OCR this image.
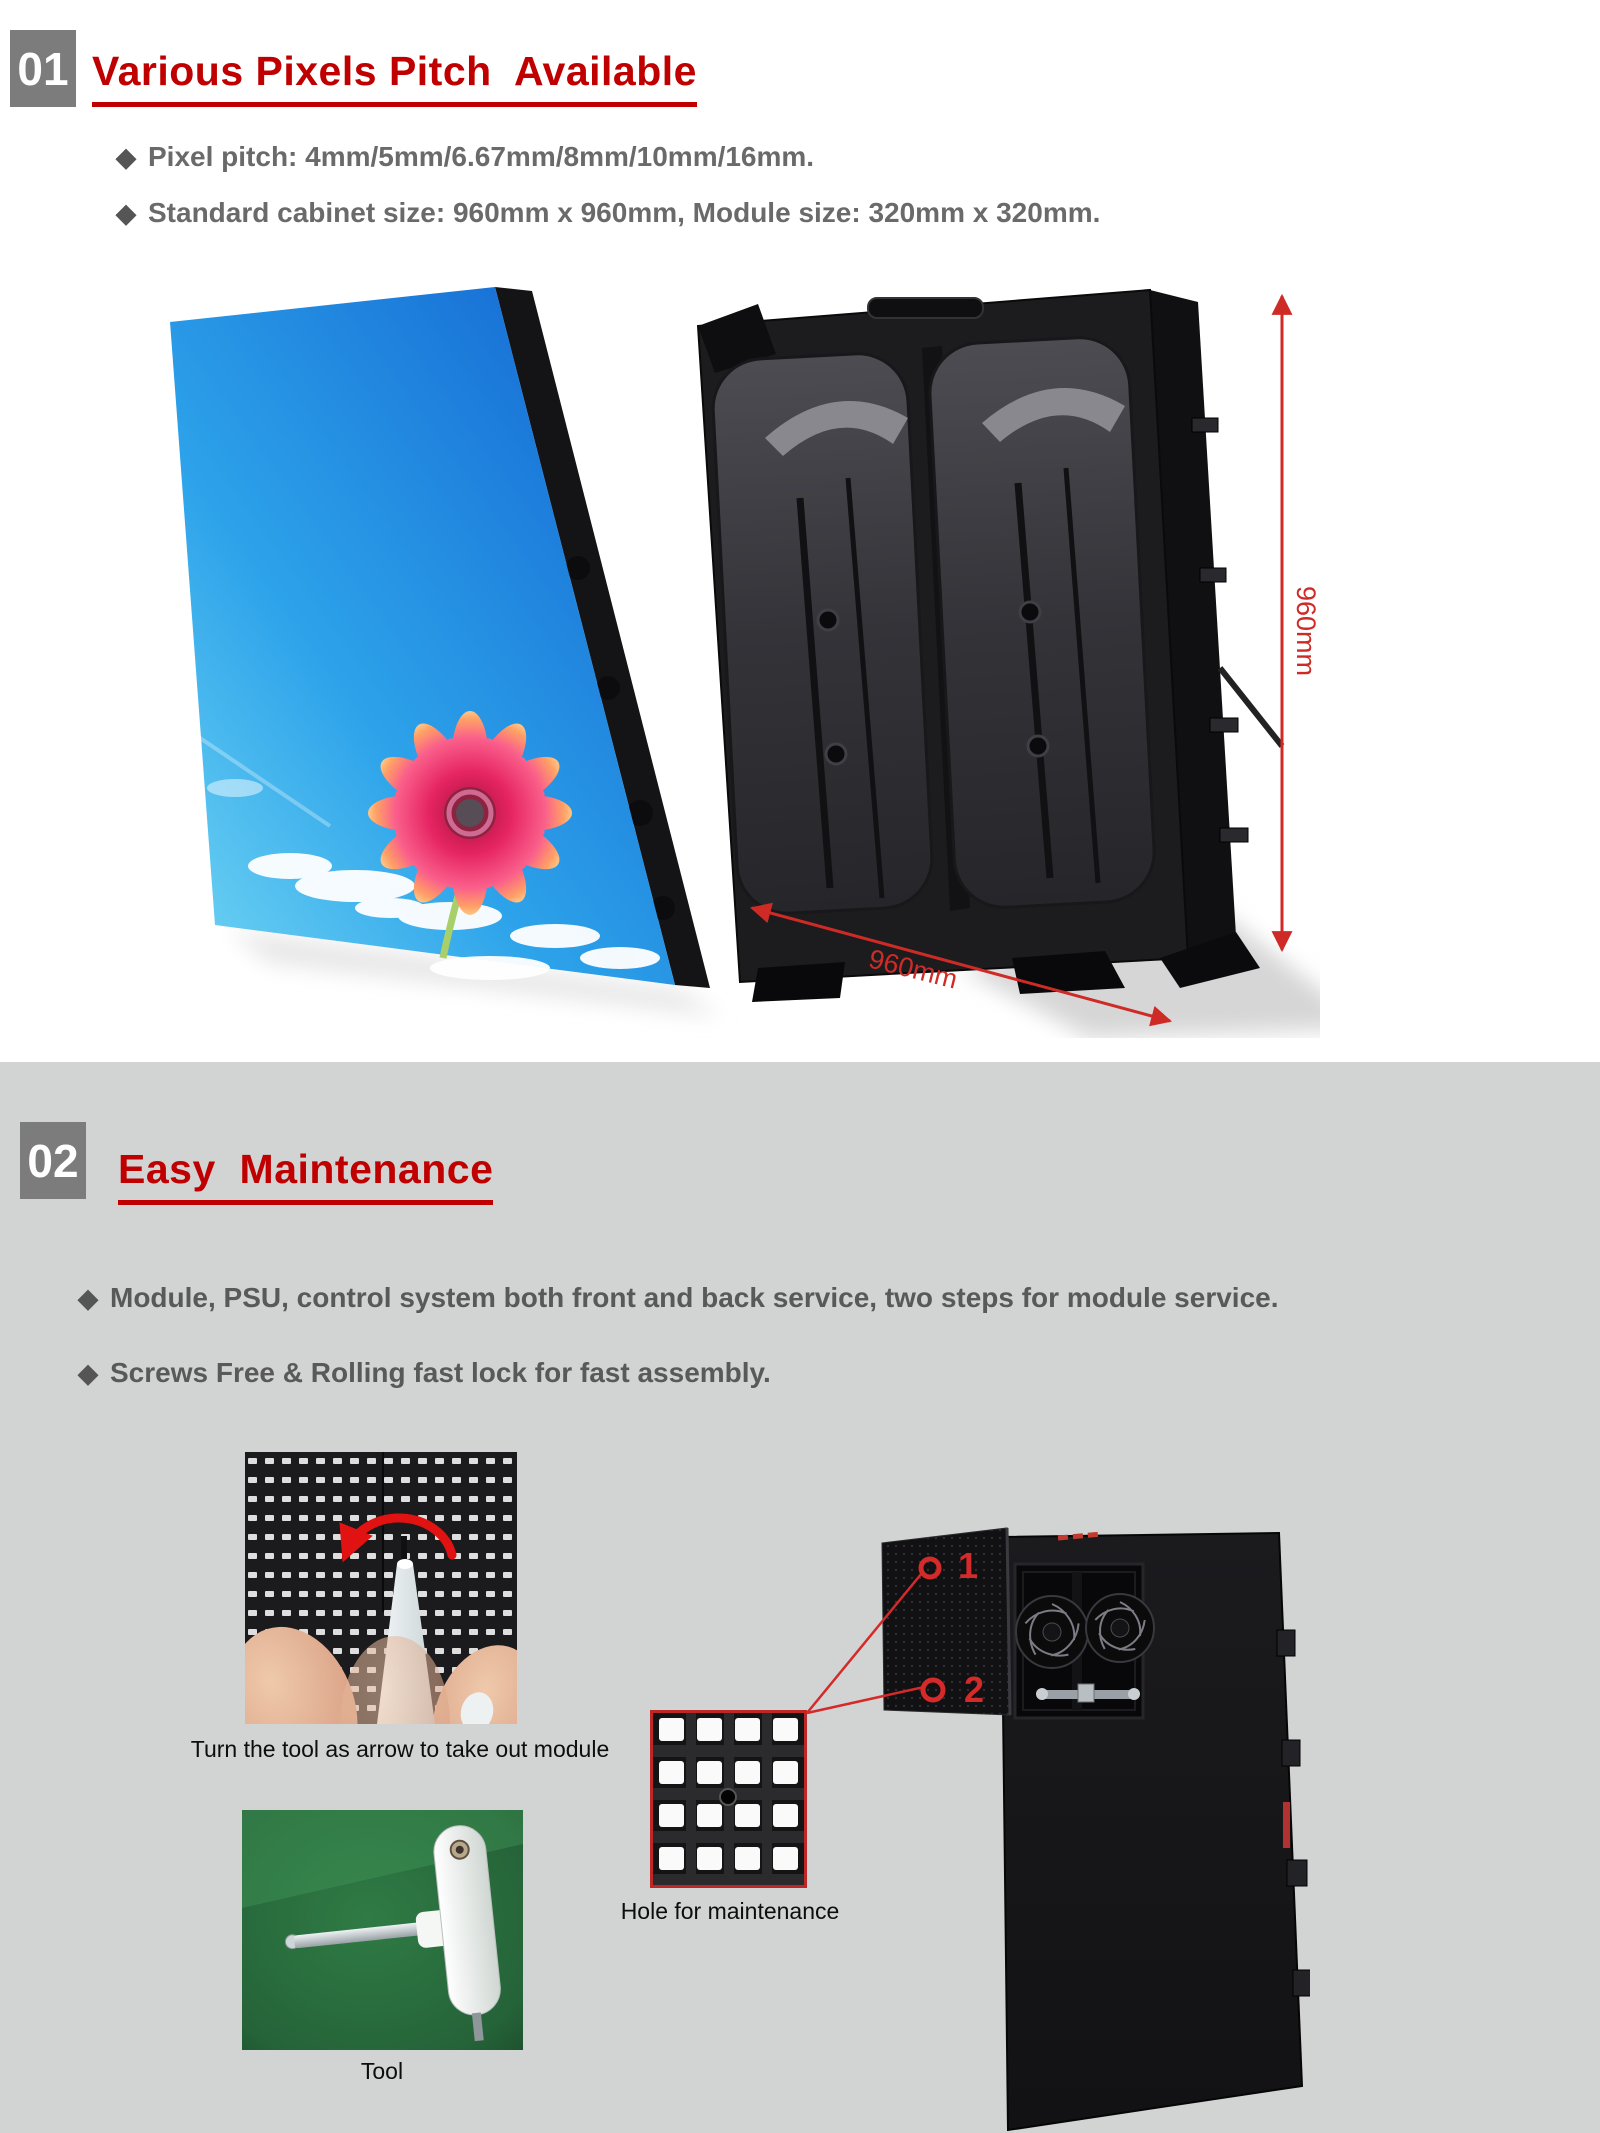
01 Various Pixels Pitch  Available
◆ Pixel pitch: 4mm/5mm/6.67mm/8mm/10mm/16mm.
◆ Standard cabinet size: 960mm x 960mm, Module size: 320mm x 320mm.
960mm
960mm
02 Easy  Maintenance
◆ Module, PSU, control system both front and back service, two steps for module service.
◆ Screws Free & Rolling fast lock for fast assembly.
Turn the tool as arrow to take out module
Tool
Hole for maintenance
1
2
